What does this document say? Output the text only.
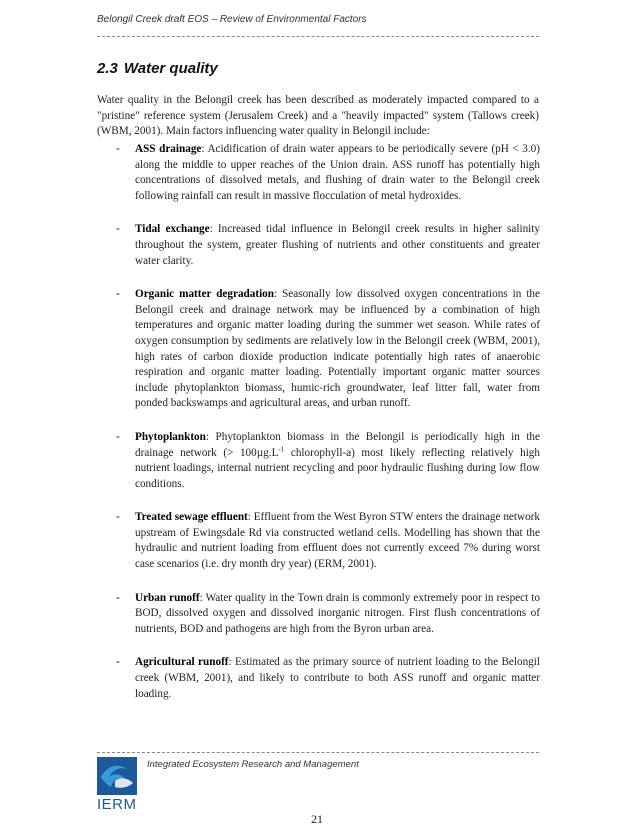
Belongil Creek draft EOS – Review of Environmental Factors
2.3 Water quality

Water quality in the Belongil creek has been described as moderately impacted compared to a "pristine" reference system (Jerusalem Creek) and a "heavily impacted" system (Tallows creek) (WBM, 2001). Main factors influencing water quality in Belongil include:

- ASS drainage: Acidification of drain water appears to be periodically severe (pH < 3.0) along the middle to upper reaches of the Union drain. ASS runoff has potentially high concentrations of dissolved metals, and flushing of drain water to the Belongil creek following rainfall can result in massive flocculation of metal hydroxides.
- Tidal exchange: Increased tidal influence in Belongil creek results in higher salinity throughout the system, greater flushing of nutrients and other constituents and greater water clarity.
- Organic matter degradation: Seasonally low dissolved oxygen concentrations in the Belongil creek and drainage network may be influenced by a combination of high temperatures and organic matter loading during the summer wet season. While rates of oxygen consumption by sediments are relatively low in the Belongil creek (WBM, 2001), high rates of carbon dioxide production indicate potentially high rates of anaerobic respiration and organic matter loading. Potentially important organic matter sources include phytoplankton biomass, humic-rich groundwater, leaf litter fall, water from ponded backswamps and agricultural areas, and urban runoff.
- Phytoplankton: Phytoplankton biomass in the Belongil is periodically high in the drainage network (> $100\mu g.L^{-1}$ chlorophyll-a) most likely reflecting relatively high nutrient loadings, internal nutrient recycling and poor hydraulic flushing during low flow conditions.
- Treated sewage effluent: Effluent from the West Byron STW enters the drainage network upstream of Ewingsdale Rd via constructed wetland cells. Modelling has shown that the hydraulic and nutrient loading from effluent does not currently exceed 7% during worst case scenarios (i.e. dry month dry year) (ERM, 2001).
- Urban runoff: Water quality in the Town drain is commonly extremely poor in respect to BOD, dissolved oxygen and dissolved inorganic nitrogen. First flush concentrations of nutrients, BOD and pathogens are high from the Byron urban area.
- Agricultural runoff: Estimated as the primary source of nutrient loading to the Belongil creek (WBM, 2001), and likely to contribute to both ASS runoff and organic matter loading.
IERM
Integrated Ecosystem Research and Management
21
